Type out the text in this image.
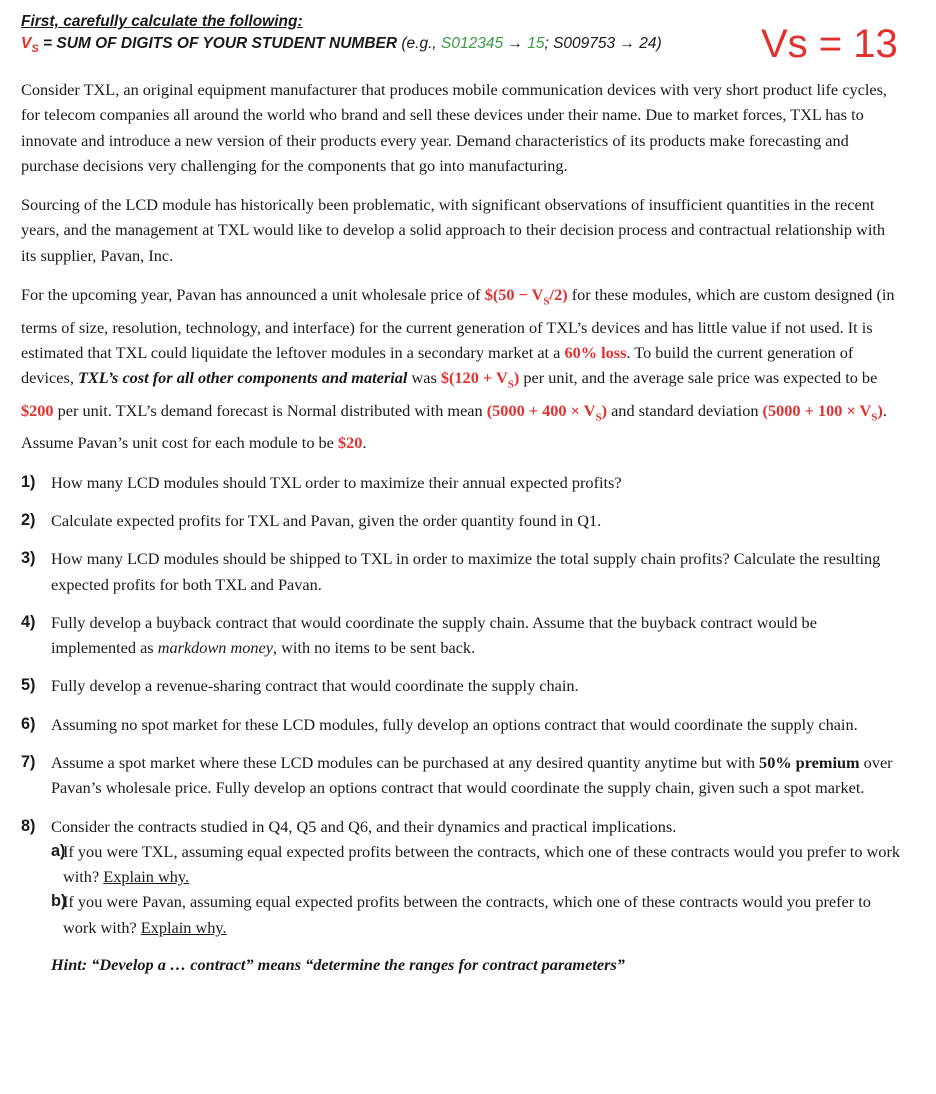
First, carefully calculate the following:
$V_S$ = SUM OF DIGITS OF YOUR STUDENT NUMBER (e.g., S012345 → 15; S009753 → 24) Vs = 13

Consider TXL, an original equipment manufacturer that produces mobile communication devices with very short product life cycles, for telecom companies all around the world who brand and sell these devices under their name. Due to market forces, TXL has to innovate and introduce a new version of their products every year. Demand characteristics of its products make forecasting and purchase decisions very challenging for the components that go into manufacturing.

Sourcing of the LCD module has historically been problematic, with significant observations of insufficient quantities in the recent years, and the management at TXL would like to develop a solid approach to their decision process and contractual relationship with its supplier, Pavan, Inc.

For the upcoming year, Pavan has announced a unit wholesale price of $(50 − $V_S/2$) for these modules, which are custom designed (in terms of size, resolution, technology, and interface) for the current generation of TXL’s devices and has little value if not used. It is estimated that TXL could liquidate the leftover modules in a secondary market at a 60% loss. To build the current generation of devices, TXL’s cost for all other components and material was $(120 + $V_S$) per unit, and the average sale price was expected to be $200 per unit. TXL’s demand forecast is Normal distributed with mean $(5000 + 400 \times V_S)$ and standard deviation $(5000 + 100 \times V_S)$. Assume Pavan’s unit cost for each module to be $20.

1) How many LCD modules should TXL order to maximize their annual expected profits?
2) Calculate expected profits for TXL and Pavan, given the order quantity found in Q1.
3) How many LCD modules should be shipped to TXL in order to maximize the total supply chain profits? Calculate the resulting expected profits for both TXL and Pavan.
4) Fully develop a buyback contract that would coordinate the supply chain. Assume that the buyback contract would be implemented as markdown money, with no items to be sent back.
5) Fully develop a revenue-sharing contract that would coordinate the supply chain.
6) Assuming no spot market for these LCD modules, fully develop an options contract that would coordinate the supply chain.
7) Assume a spot market where these LCD modules can be purchased at any desired quantity anytime but with 50% premium over Pavan’s wholesale price. Fully develop an options contract that would coordinate the supply chain, given such a spot market.
8) Consider the contracts studied in Q4, Q5 and Q6, and their dynamics and practical implications.
a)
If you were TXL, assuming equal expected profits between the contracts, which one of these contracts would you prefer to work with? Explain why.
b)
If you were Pavan, assuming equal expected profits between the contracts, which one of these contracts would you prefer to work with? Explain why.

Hint: “Develop a … contract” means “determine the ranges for contract parameters”
